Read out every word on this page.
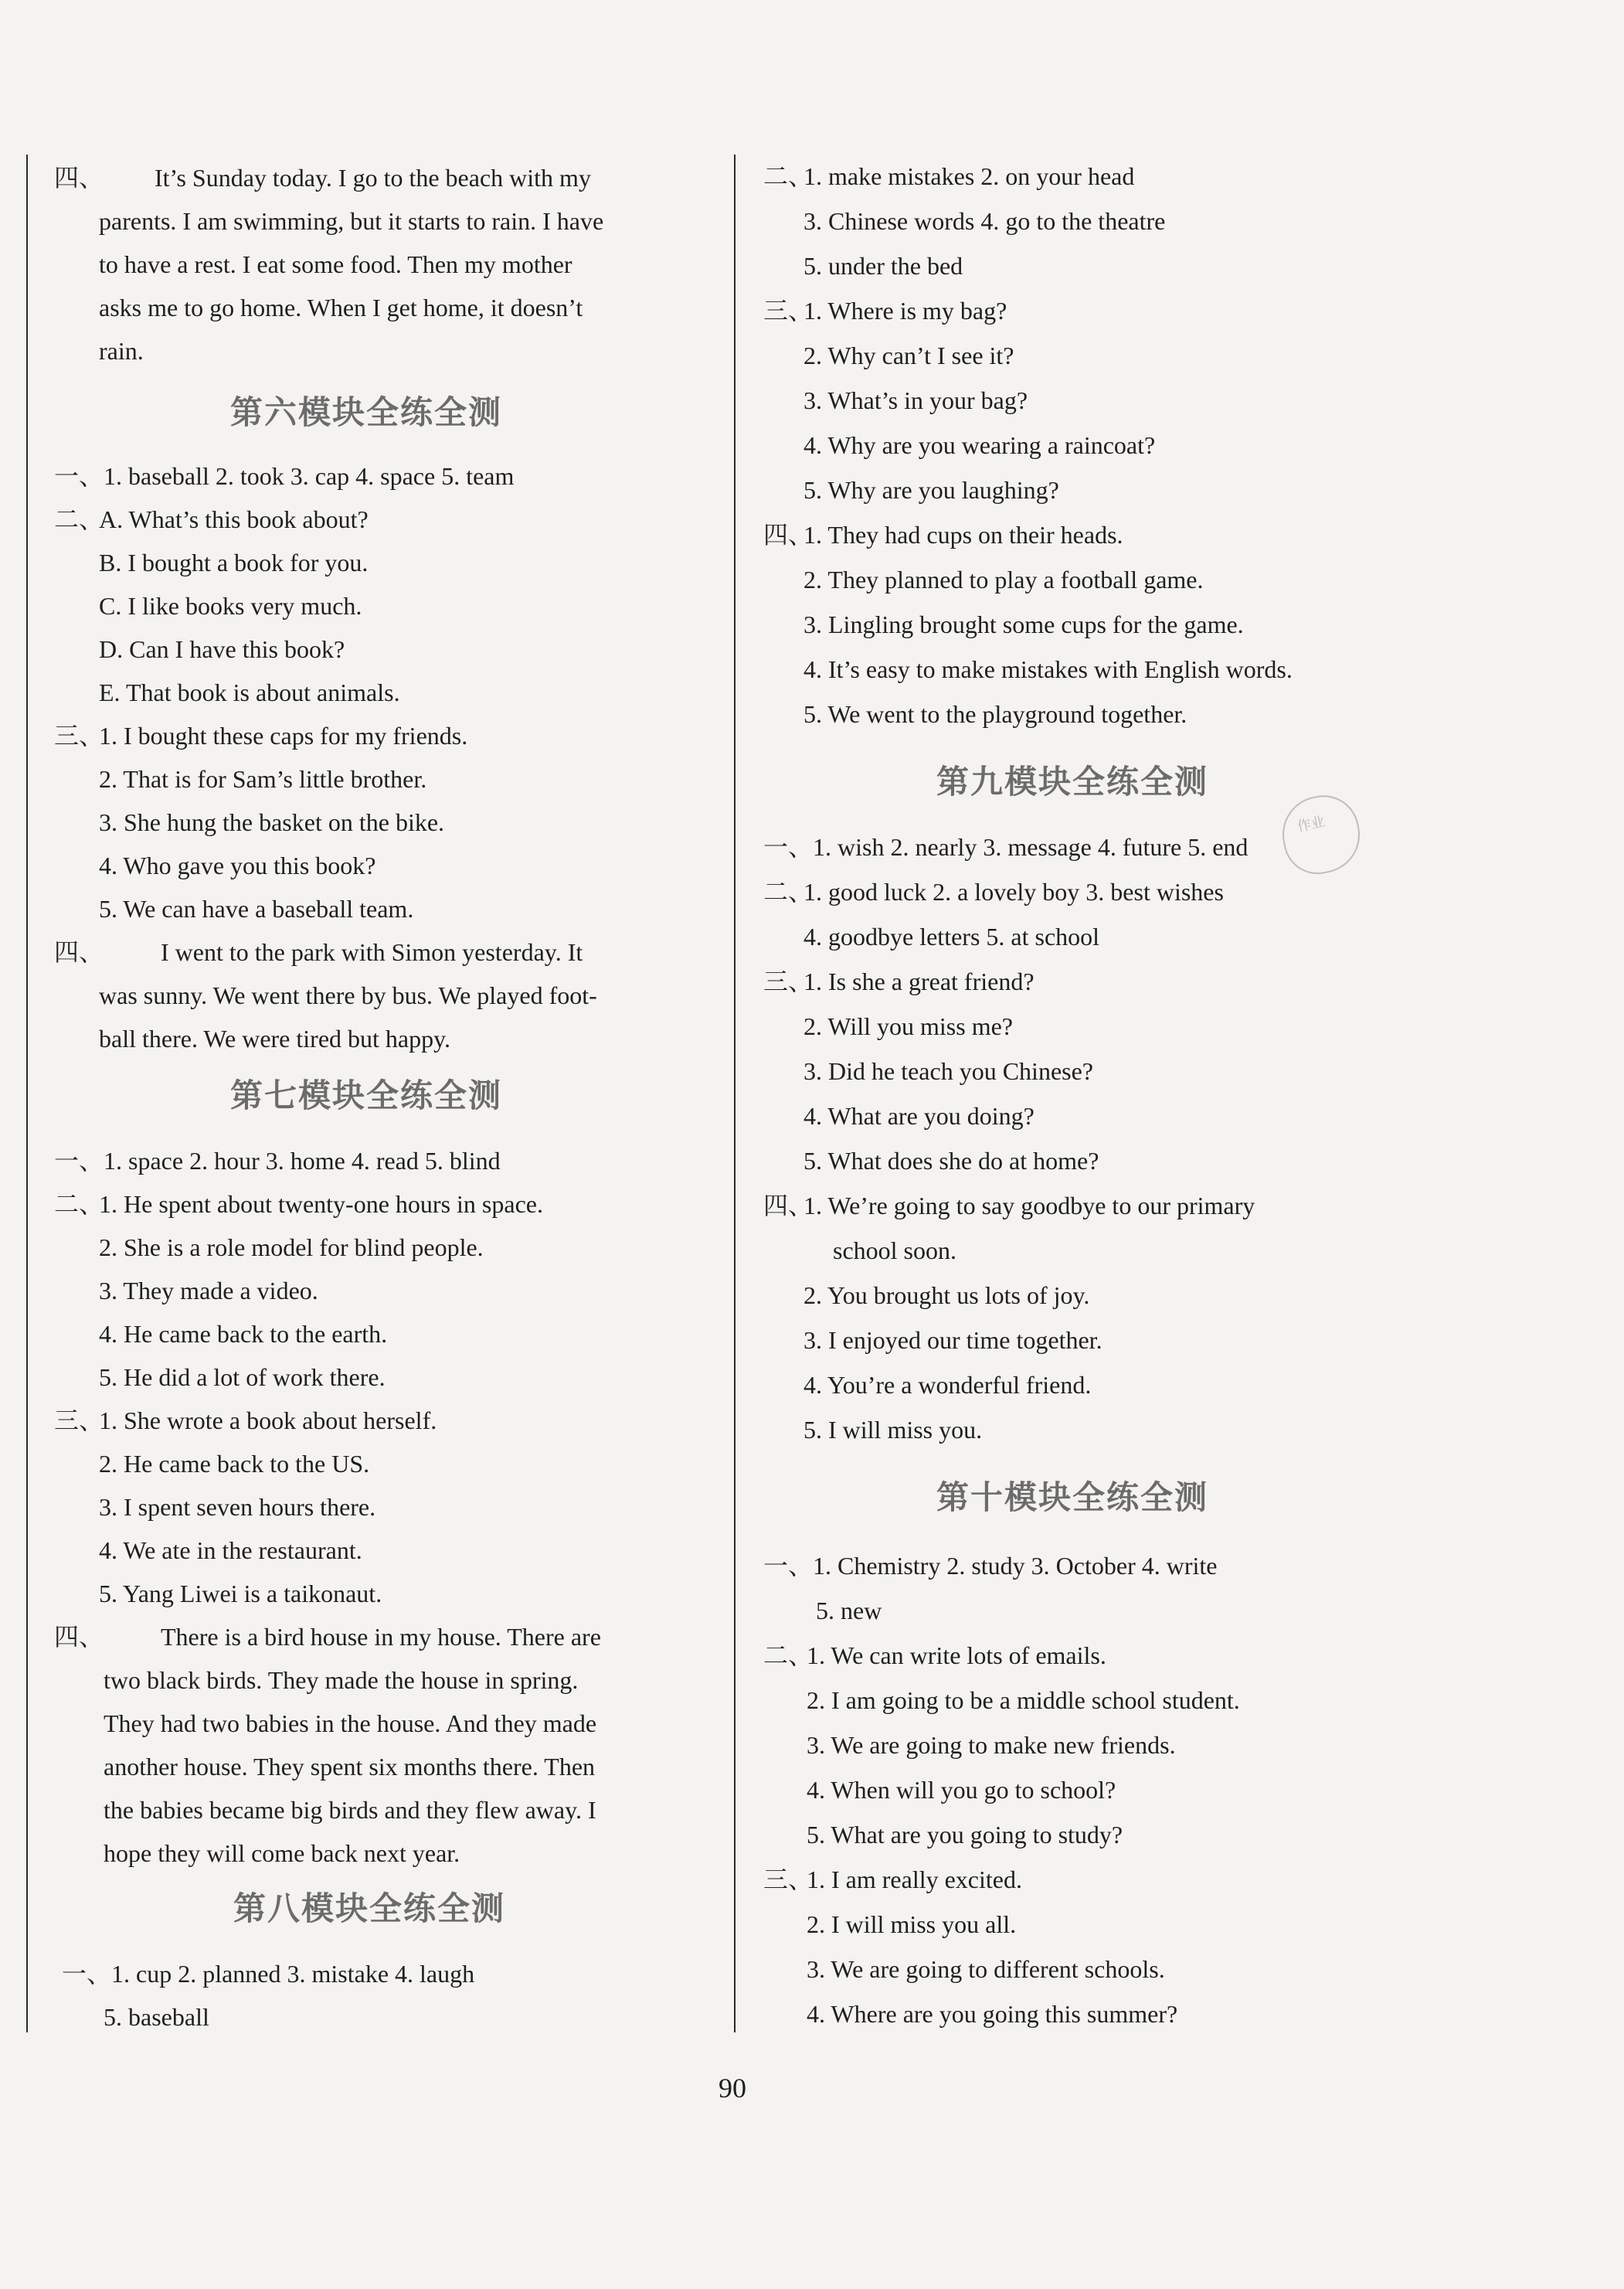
四、 It’s Sunday today. I go to the beach with my
parents. I am swimming, but it starts to rain. I have
to have a rest. I eat some food. Then my mother
asks me to go home. When I get home, it doesn’t
rain.
第六模块全练全测
一、1. baseball 2. took 3. cap 4. space 5. team
二、
A. What’s this book about?
B. I bought a book for you.
C. I like books very much.
D. Can I have this book?
E. That book is about animals.
三、
1. I bought these caps for my friends.
2. That is for Sam’s little brother.
3. She hung the basket on the bike.
4. Who gave you this book?
5. We can have a baseball team.
四、 I went to the park with Simon yesterday. It
was sunny. We went there by bus. We played foot-
ball there. We were tired but happy.
第七模块全练全测
一、1. space 2. hour 3. home 4. read 5. blind
二、
1. He spent about twenty-one hours in space.
2. She is a role model for blind people.
3. They made a video.
4. He came back to the earth.
5. He did a lot of work there.
三、
1. She wrote a book about herself.
2. He came back to the US.
3. I spent seven hours there.
4. We ate in the restaurant.
5. Yang Liwei is a taikonaut.
四、 There is a bird house in my house. There are
two black birds. They made the house in spring.
They had two babies in the house. And they made
another house. They spent six months there. Then
the babies became big birds and they flew away. I
hope they will come back next year.
第八模块全练全测
一、1. cup 2. planned 3. mistake 4. laugh
5. baseball
二、
1. make mistakes 2. on your head
3. Chinese words 4. go to the theatre
5. under the bed
三、
1. Where is my bag?
2. Why can’t I see it?
3. What’s in your bag?
4. Why are you wearing a raincoat?
5. Why are you laughing?
四、
1. They had cups on their heads.
2. They planned to play a football game.
3. Lingling brought some cups for the game.
4. It’s easy to make mistakes with English words.
5. We went to the playground together.
第九模块全练全测
作业
一、1. wish 2. nearly 3. message 4. future 5. end
二、
1. good luck 2. a lovely boy 3. best wishes
4. goodbye letters 5. at school
三、
1. Is she a great friend?
2. Will you miss me?
3. Did he teach you Chinese?
4. What are you doing?
5. What does she do at home?
四、
1. We’re going to say goodbye to our primary
school soon.
2. You brought us lots of joy.
3. I enjoyed our time together.
4. You’re a wonderful friend.
5. I will miss you.
第十模块全练全测
一、1. Chemistry 2. study 3. October 4. write
5. new
二、
1. We can write lots of emails.
2. I am going to be a middle school student.
3. We are going to make new friends.
4. When will you go to school?
5. What are you going to study?
三、
1. I am really excited.
2. I will miss you all.
3. We are going to different schools.
4. Where are you going this summer?
90
